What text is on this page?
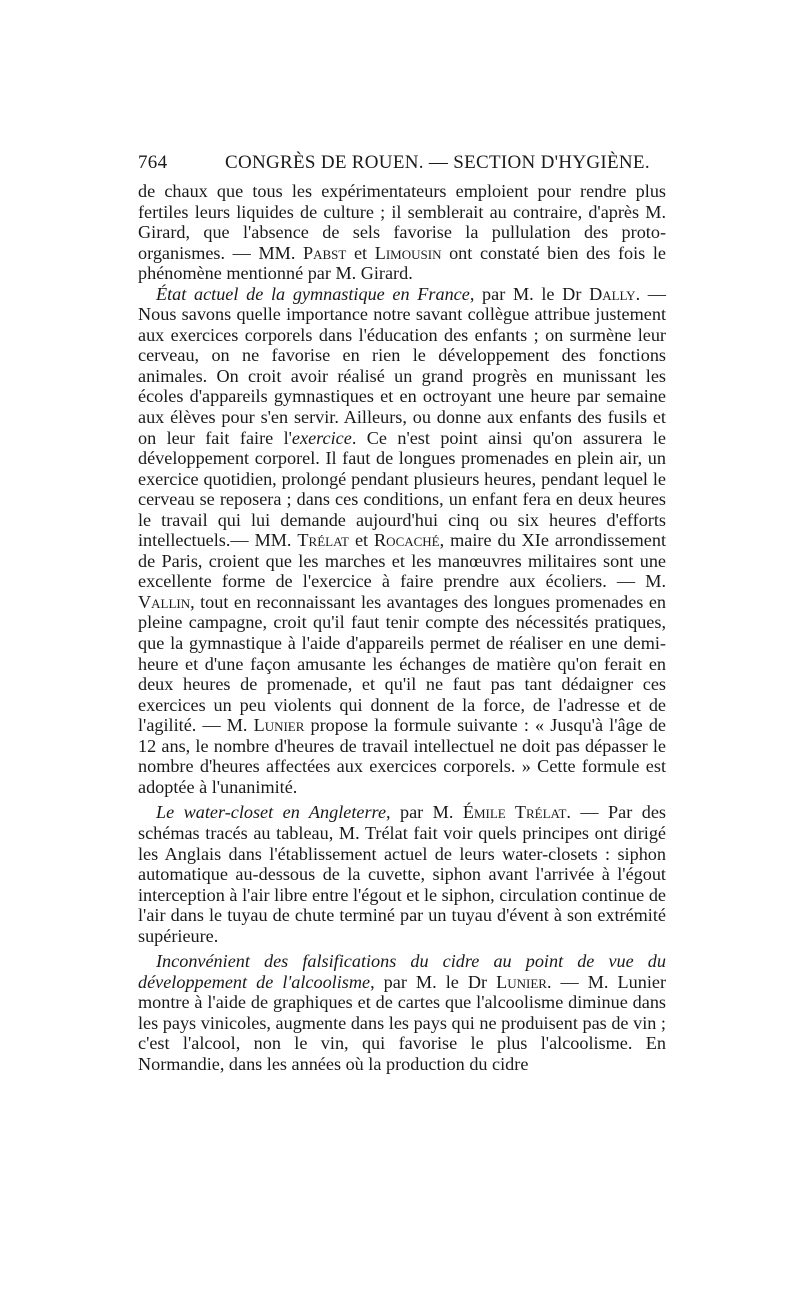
764	CONGRÈS DE ROUEN. — SECTION D'HYGIÈNE.

de chaux que tous les expérimentateurs emploient pour rendre plus fertiles leurs liquides de culture ; il semblerait au contraire, d'après M. Girard, que l'absence de sels favorise la pullulation des proto-organismes. — MM. Pabst et Limousin ont constaté bien des fois le phénomène mentionné par M. Girard.

État actuel de la gymnastique en France, par M. le Dr Dally. — Nous savons quelle importance notre savant collègue attribue justement aux exercices corporels dans l'éducation des enfants ; on surmène leur cerveau, on ne favorise en rien le développement des fonctions animales. On croit avoir réalisé un grand progrès en munissant les écoles d'appareils gymnastiques et en octroyant une heure par semaine aux élèves pour s'en servir. Ailleurs, ou donne aux enfants des fusils et on leur fait faire l'exercice. Ce n'est point ainsi qu'on assurera le développement corporel. Il faut de longues promenades en plein air, un exercice quotidien, prolongé pendant plusieurs heures, pendant lequel le cerveau se reposera ; dans ces conditions, un enfant fera en deux heures le travail qui lui demande aujourd'hui cinq ou six heures d'efforts intellectuels.— MM. Trélat et Rocaché, maire du XIe arrondissement de Paris, croient que les marches et les manœuvres militaires sont une excellente forme de l'exercice à faire prendre aux écoliers. — M. Vallin, tout en reconnaissant les avantages des longues promenades en pleine campagne, croit qu'il faut tenir compte des nécessités pratiques, que la gymnastique à l'aide d'appareils permet de réaliser en une demi-heure et d'une façon amusante les échanges de matière qu'on ferait en deux heures de promenade, et qu'il ne faut pas tant dédaigner ces exercices un peu violents qui donnent de la force, de l'adresse et de l'agilité. — M. Lunier propose la formule suivante : « Jusqu'à l'âge de 12 ans, le nombre d'heures de travail intellectuel ne doit pas dépasser le nombre d'heures affectées aux exercices corporels. » Cette formule est adoptée à l'unanimité.

Le water-closet en Angleterre, par M. Émile Trélat. — Par des schémas tracés au tableau, M. Trélat fait voir quels principes ont dirigé les Anglais dans l'établissement actuel de leurs water-closets : siphon automatique au-dessous de la cuvette, siphon avant l'arrivée à l'égout interception à l'air libre entre l'égout et le siphon, circulation continue de l'air dans le tuyau de chute terminé par un tuyau d'évent à son extrémité supérieure.

Inconvénient des falsifications du cidre au point de vue du développement de l'alcoolisme, par M. le Dr Lunier. — M. Lunier montre à l'aide de graphiques et de cartes que l'alcoolisme diminue dans les pays vinicoles, augmente dans les pays qui ne produisent pas de vin ; c'est l'alcool, non le vin, qui favorise le plus l'alcoolisme. En Normandie, dans les années où la production du cidre
